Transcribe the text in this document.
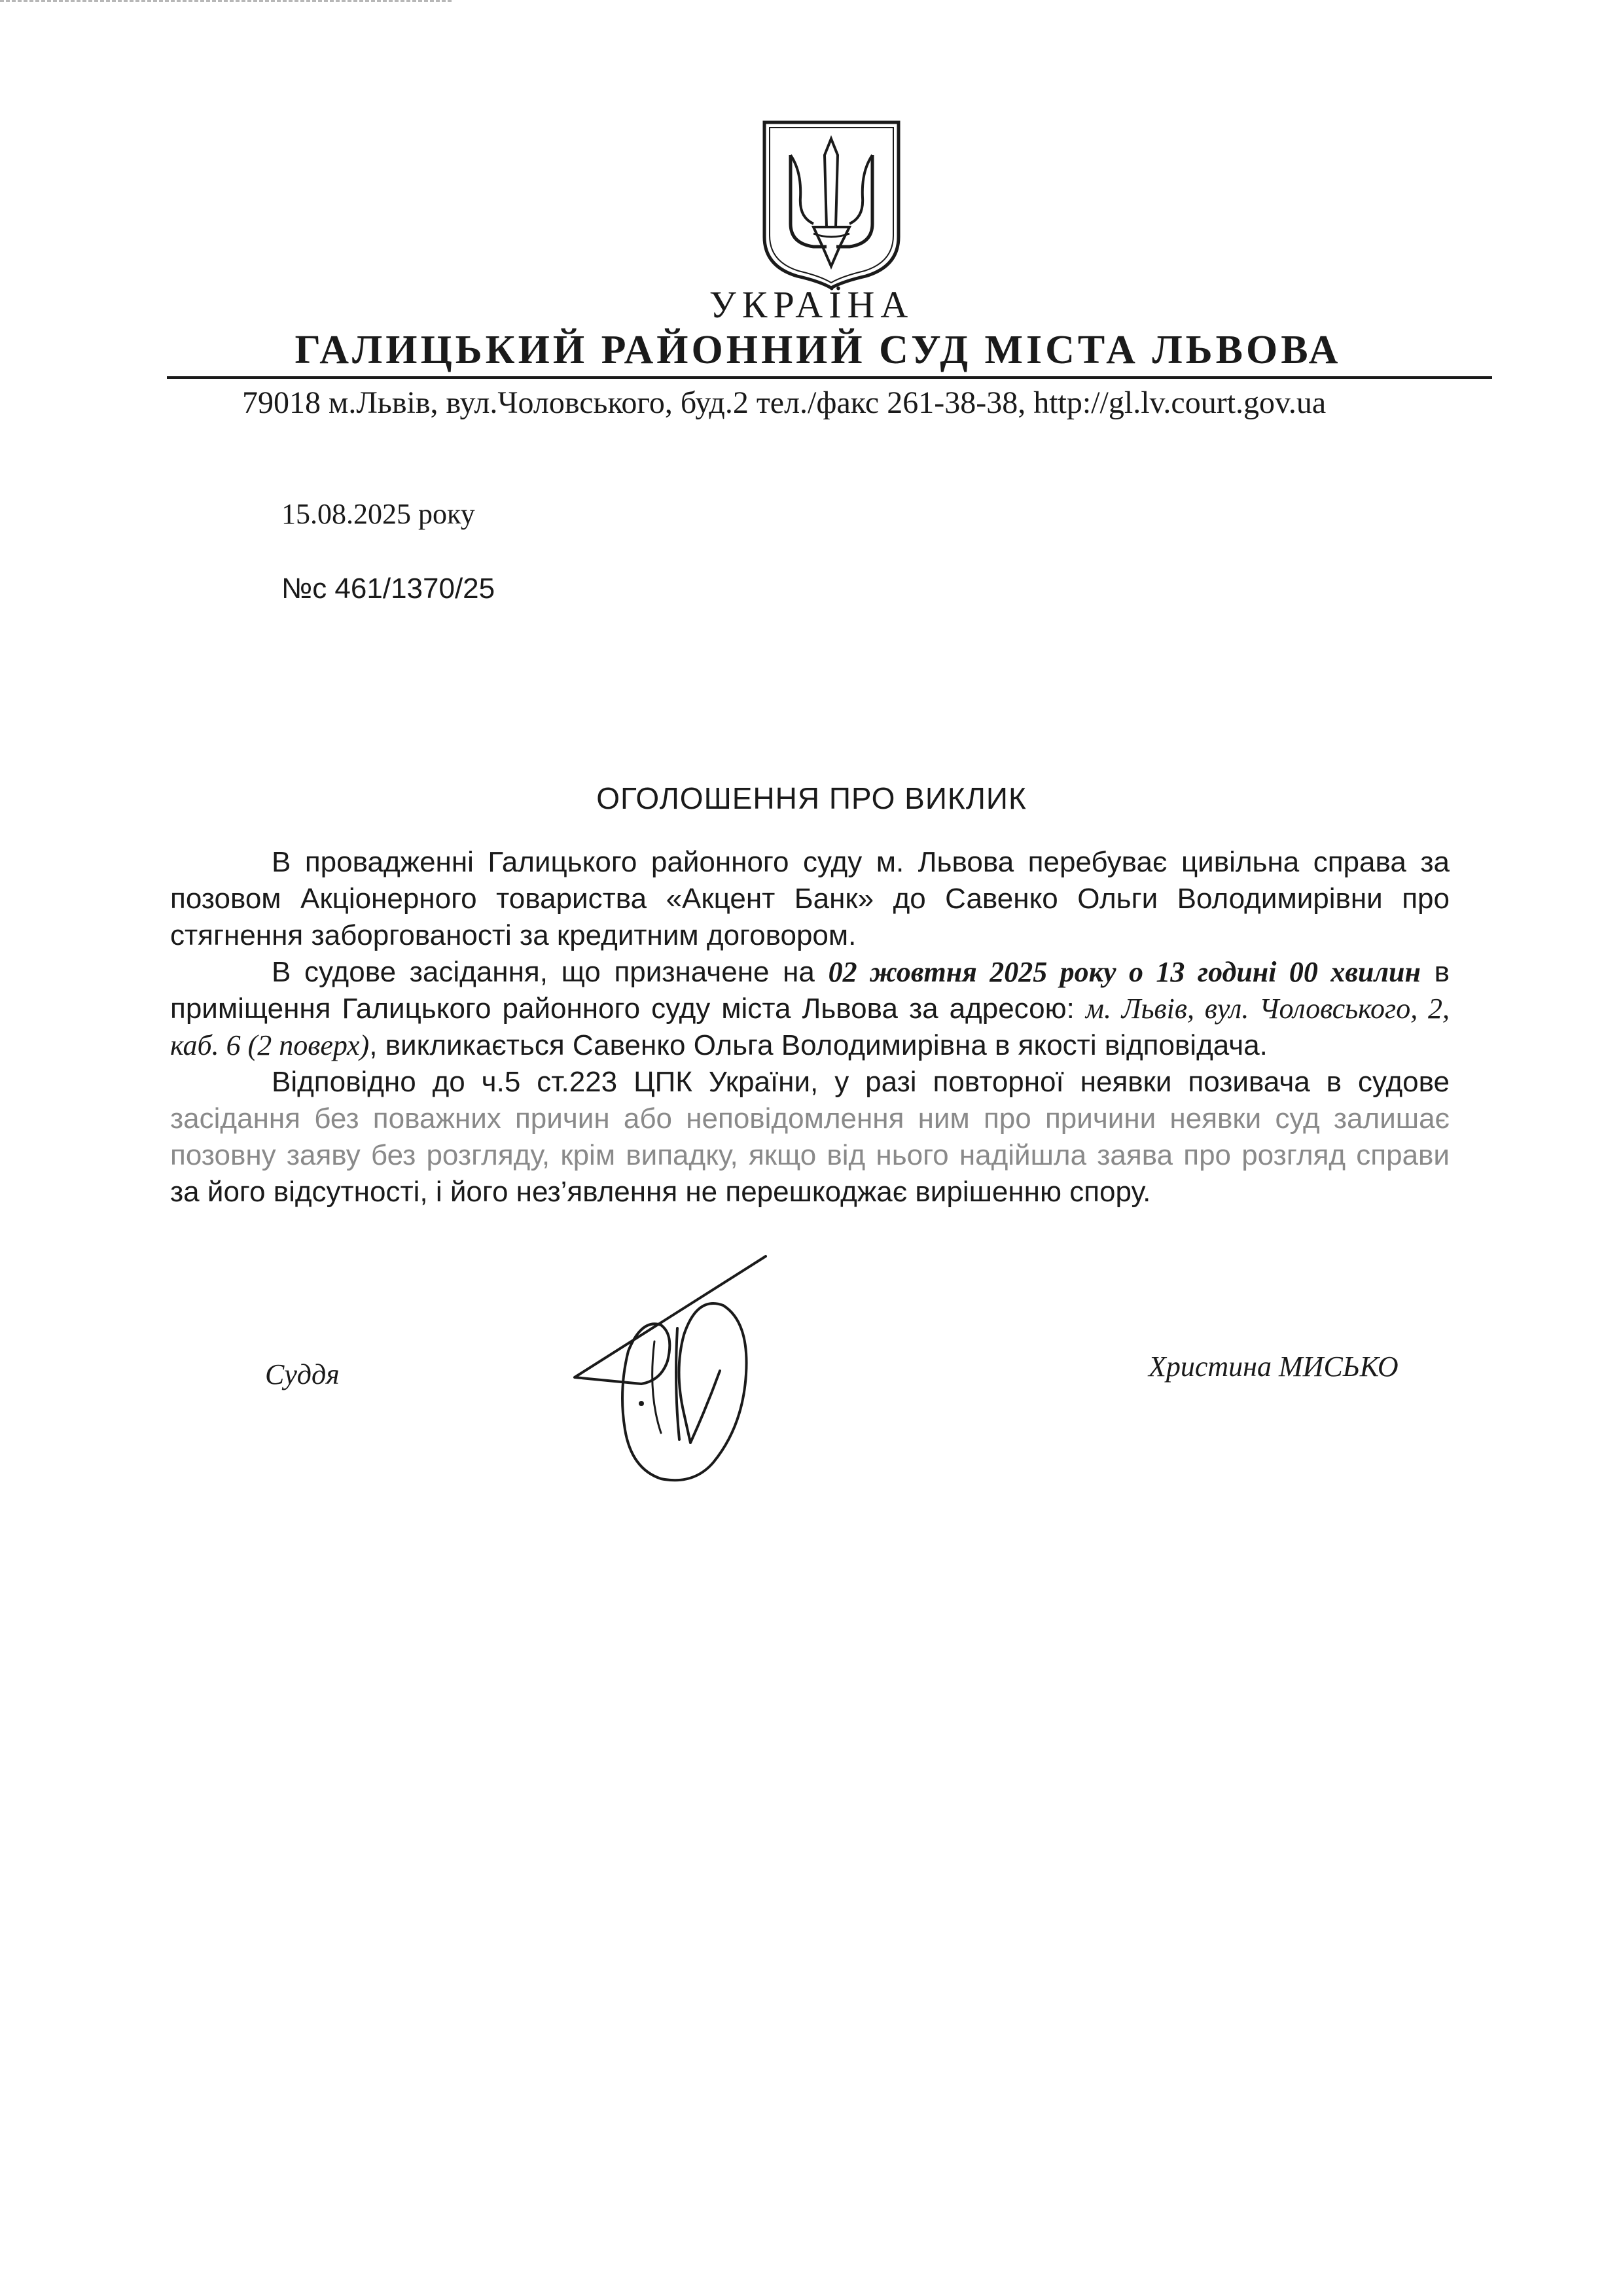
УКРАЇНА
ГАЛИЦЬКИЙ РАЙОННИЙ СУД МІСТА ЛЬВОВА
79018 м.Львів, вул.Чоловського, буд.2 тел./факс 261-38-38, http://gl.lv.court.gov.ua
15.08.2025 року
№с 461/1370/25
ОГОЛОШЕННЯ ПРО ВИКЛИК

В провадженні Галицького районного суду м. Львова перебуває цивільна справа за позовом Акціонерного товариства «Акцент Банк» до Савенко Ольги Володимирівни про стягнення заборгованості за кредитним договором.

В судове засідання, що призначене на 02 жовтня 2025 року о 13 годині 00 хвилин в приміщення Галицького районного суду міста Львова за адресою: м. Львів, вул. Чоловського, 2, каб. 6 (2 поверх), викликається Савенко Ольга Володимирівна в якості відповідача.

Відповідно до ч.5 ст.223 ЦПК України, у разі повторної неявки позивача в судове засідання без поважних причин або неповідомлення ним про причини неявки суд залишає позовну заяву без розгляду, крім випадку, якщо від нього надійшла заява про розгляд справи за його відсутності, і його нез’явлення не перешкоджає вирішенню спору.

Суддя	Христина МИСЬКО
